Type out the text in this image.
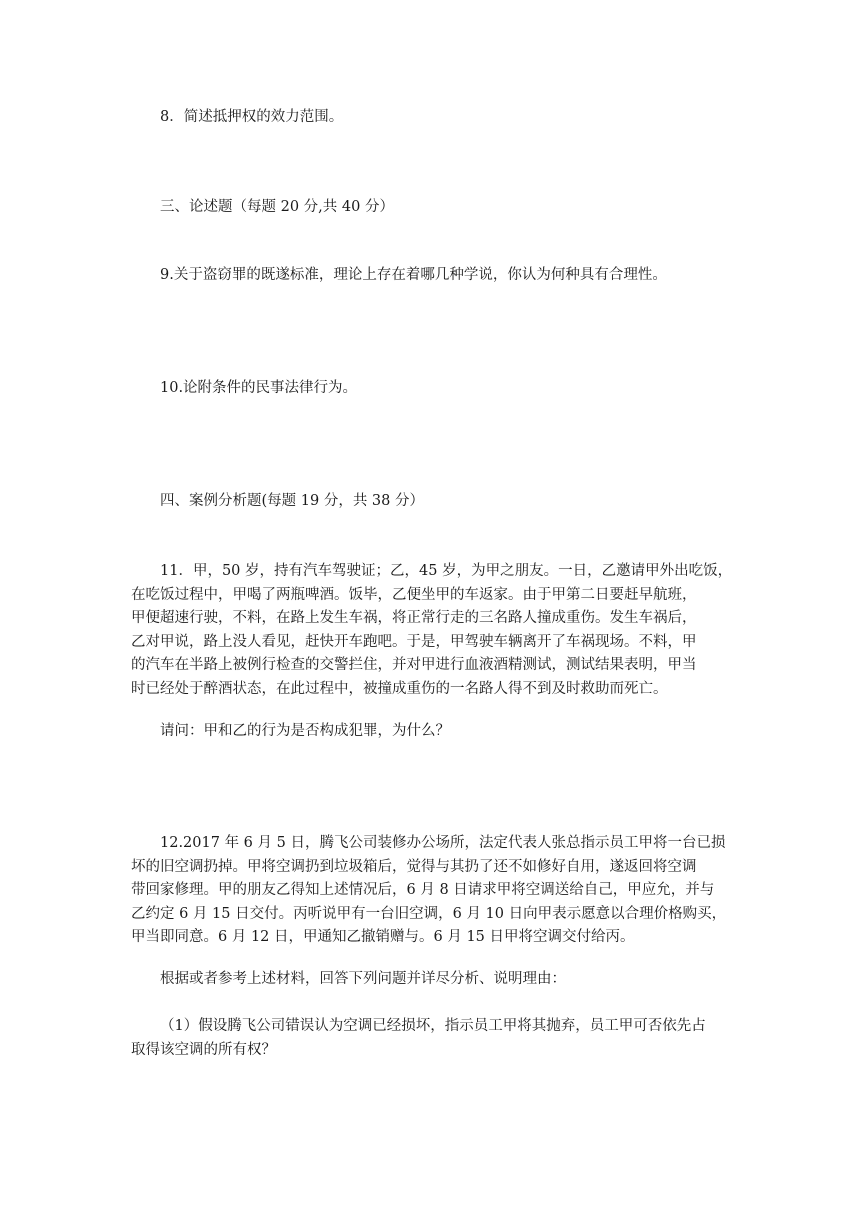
8．简述抵押权的效力范围。

三、论述题（每题 20 分,共 40 分）

9.关于盗窃罪的既遂标准，理论上存在着哪几种学说，你认为何种具有合理性。

10.论附条件的民事法律行为。

四、案例分析题(每题 19 分，共 38 分）

11．甲，50 岁，持有汽车驾驶证；乙，45 岁，为甲之朋友。一日，乙邀请甲外出吃饭，
在吃饭过程中，甲喝了两瓶啤酒。饭毕，乙便坐甲的车返家。由于甲第二日要赶早航班，
甲便超速行驶，不料，在路上发生车祸，将正常行走的三名路人撞成重伤。发生车祸后，
乙对甲说，路上没人看见，赶快开车跑吧。于是，甲驾驶车辆离开了车祸现场。不料，甲
的汽车在半路上被例行检查的交警拦住，并对甲进行血液酒精测试，测试结果表明，甲当
时已经处于醉酒状态，在此过程中，被撞成重伤的一名路人得不到及时救助而死亡。

请问：甲和乙的行为是否构成犯罪，为什么？

12.2017 年 6 月 5 日，腾飞公司装修办公场所，法定代表人张总指示员工甲将一台已损
坏的旧空调扔掉。甲将空调扔到垃圾箱后，觉得与其扔了还不如修好自用，遂返回将空调
带回家修理。甲的朋友乙得知上述情况后，6 月 8 日请求甲将空调送给自己，甲应允，并与
乙约定 6 月 15 日交付。丙听说甲有一台旧空调，6 月 10 日向甲表示愿意以合理价格购买，
甲当即同意。6 月 12 日，甲通知乙撤销赠与。6 月 15 日甲将空调交付给丙。

根据或者参考上述材料，回答下列问题并详尽分析、说明理由：

（1）假设腾飞公司错误认为空调已经损坏，指示员工甲将其抛弃，员工甲可否依先占
取得该空调的所有权？
